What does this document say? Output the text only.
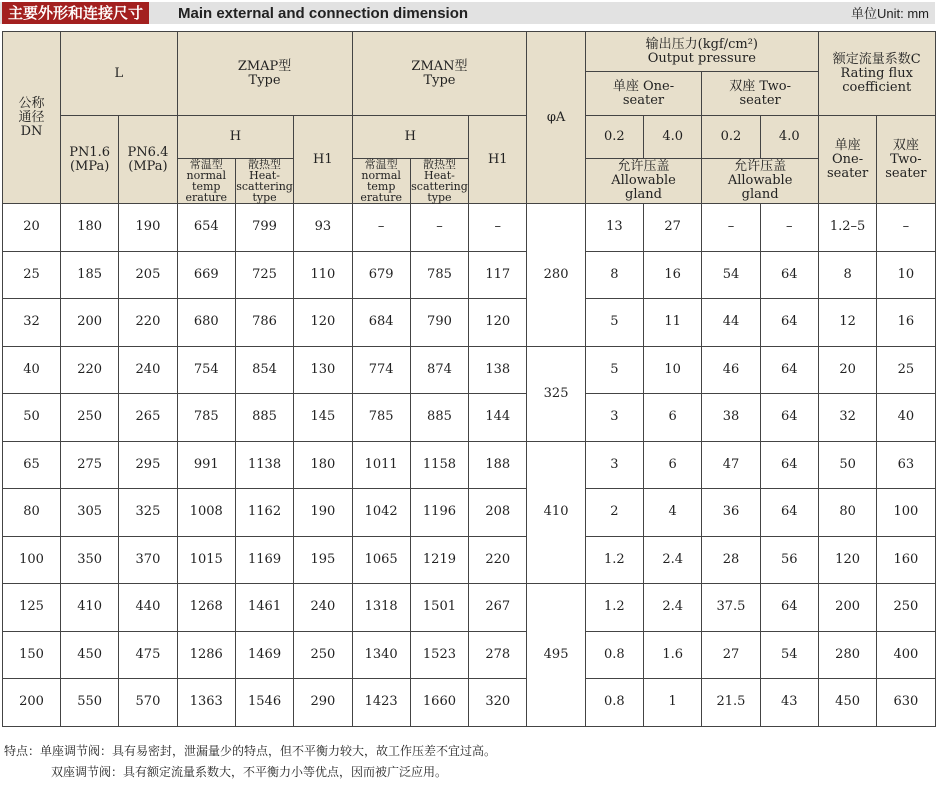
主要外形和连接尺寸	Main external and connection dimension	单位Unit: mm
公称通径DN	L		ZMAP型 Type			ZMAN型 Type			φA	输出压力(kgf/cm²) Output pressure				额定流量系数C Rating flux coefficient	
										单座 One-seater		双座 Two-seater			
	PN1.6 (MPa)	PN6.4 (MPa)	H		H1	H		H1		0.2	4.0	0.2	4.0	单座 One-seater	双座 Two-seater
			常温型 normal temp erature	散热型 Heat-scattering type		常温型 normal temp erature	散热型 Heat-scattering type			允许压盖 Allowable gland		允许压盖 Allowable gland			
20	180	190	654	799	93	–	–	–	280	13	27	–	–	1.2–5	–
25	185	205	669	725	110	679	785	117		8	16	54	64	8	10
32	200	220	680	786	120	684	790	120		5	11	44	64	12	16
40	220	240	754	854	130	774	874	138	325	5	10	46	64	20	25
50	250	265	785	885	145	785	885	144		3	6	38	64	32	40
65	275	295	991	1138	180	1011	1158	188	410	3	6	47	64	50	63
80	305	325	1008	1162	190	1042	1196	208		2	4	36	64	80	100
100	350	370	1015	1169	195	1065	1219	220		1.2	2.4	28	56	120	160
125	410	440	1268	1461	240	1318	1501	267	495	1.2	2.4	37.5	64	200	250
150	450	475	1286	1469	250	1340	1523	278		0.8	1.6	27	54	280	400
200	550	570	1363	1546	290	1423	1660	320		0.8	1	21.5	43	450	630
特点：单座调节阀：具有易密封，泄漏量少的特点，但不平衡力较大，故工作压差不宜过高。
双座调节阀：具有额定流量系数大，不平衡力小等优点，因而被广泛应用。
